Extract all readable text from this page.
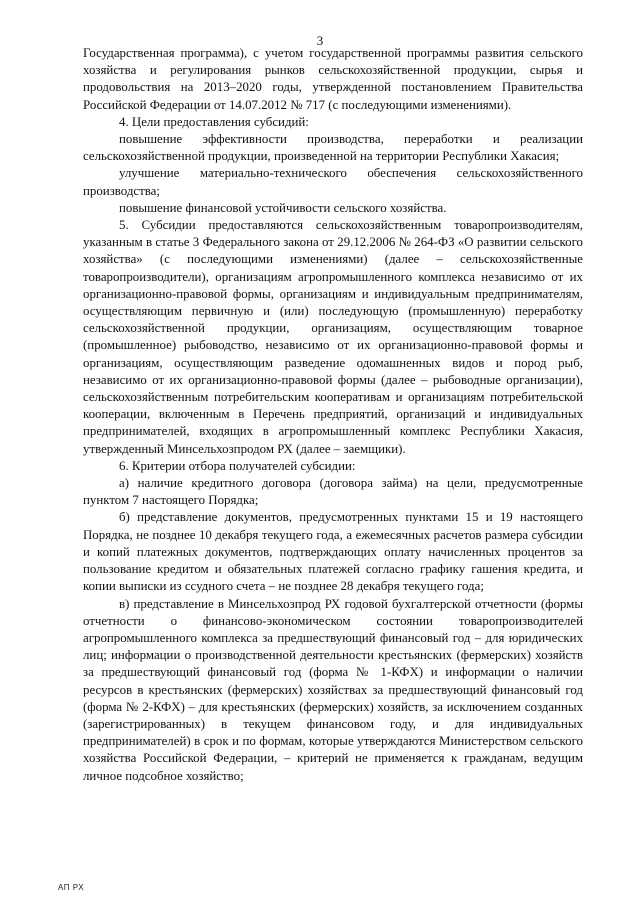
3

Государственная программа), с учетом государственной программы развития сельского хозяйства и регулирования рынков сельскохозяйственной продукции, сырья и продовольствия на 2013–2020 годы, утвержденной постановлением Правительства Российской Федерации от 14.07.2012 № 717 (с последующими изменениями).

4. Цели предоставления субсидий:

повышение эффективности производства, переработки и реализации сельскохозяйственной продукции, произведенной на территории Республики Хакасия;

улучшение материально-технического обеспечения сельскохозяйственного производства;

повышение финансовой устойчивости сельского хозяйства.

5. Субсидии предоставляются сельскохозяйственным товаропроизводителям, указанным в статье 3 Федерального закона от 29.12.2006 № 264-ФЗ «О развитии сельского хозяйства» (с последующими изменениями) (далее – сельскохозяйственные товаропроизводители), организациям агропромышленного комплекса независимо от их организационно-правовой формы, организациям и индивидуальным предпринимателям, осуществляющим первичную и (или) последующую (промышленную) переработку сельскохозяйственной продукции, организациям, осуществляющим товарное (промышленное) рыбоводство, независимо от их организационно-правовой формы и организациям, осуществляющим разведение одомашненных видов и пород рыб, независимо от их организационно-правовой формы (далее – рыбоводные организации), сельскохозяйственным потребительским кооперативам и организациям потребительской кооперации, включенным в Перечень предприятий, организаций и индивидуальных предпринимателей, входящих в агропромышленный комплекс Республики Хакасия, утвержденный Минсельхозпродом РХ (далее – заемщики).

6. Критерии отбора получателей субсидии:

а) наличие кредитного договора (договора займа) на цели, предусмотренные пунктом 7 настоящего Порядка;

б) представление документов, предусмотренных пунктами 15 и 19 настоящего Порядка, не позднее 10 декабря текущего года, а ежемесячных расчетов размера субсидии и копий платежных документов, подтверждающих оплату начисленных процентов за пользование кредитом и обязательных платежей согласно графику гашения кредита, и копии выписки из ссудного счета – не позднее 28 декабря текущего года;

в) представление в Минсельхозпрод РХ годовой бухгалтерской отчетности (формы отчетности о финансово-экономическом состоянии товаропроизводителей агропромышленного комплекса за предшествующий финансовый год – для юридических лиц; информации о производственной деятельности крестьянских (фермерских) хозяйств за предшествующий финансовый год (форма № 1-КФХ) и информации о наличии ресурсов в крестьянских (фермерских) хозяйствах за предшествующий финансовый год (форма № 2-КФХ) – для крестьянских (фермерских) хозяйств, за исключением созданных (зарегистрированных) в текущем финансовом году, и для индивидуальных предпринимателей) в срок и по формам, которые утверждаются Министерством сельского хозяйства Российской Федерации, – критерий не применяется к гражданам, ведущим личное подсобное хозяйство;

АП РХ
